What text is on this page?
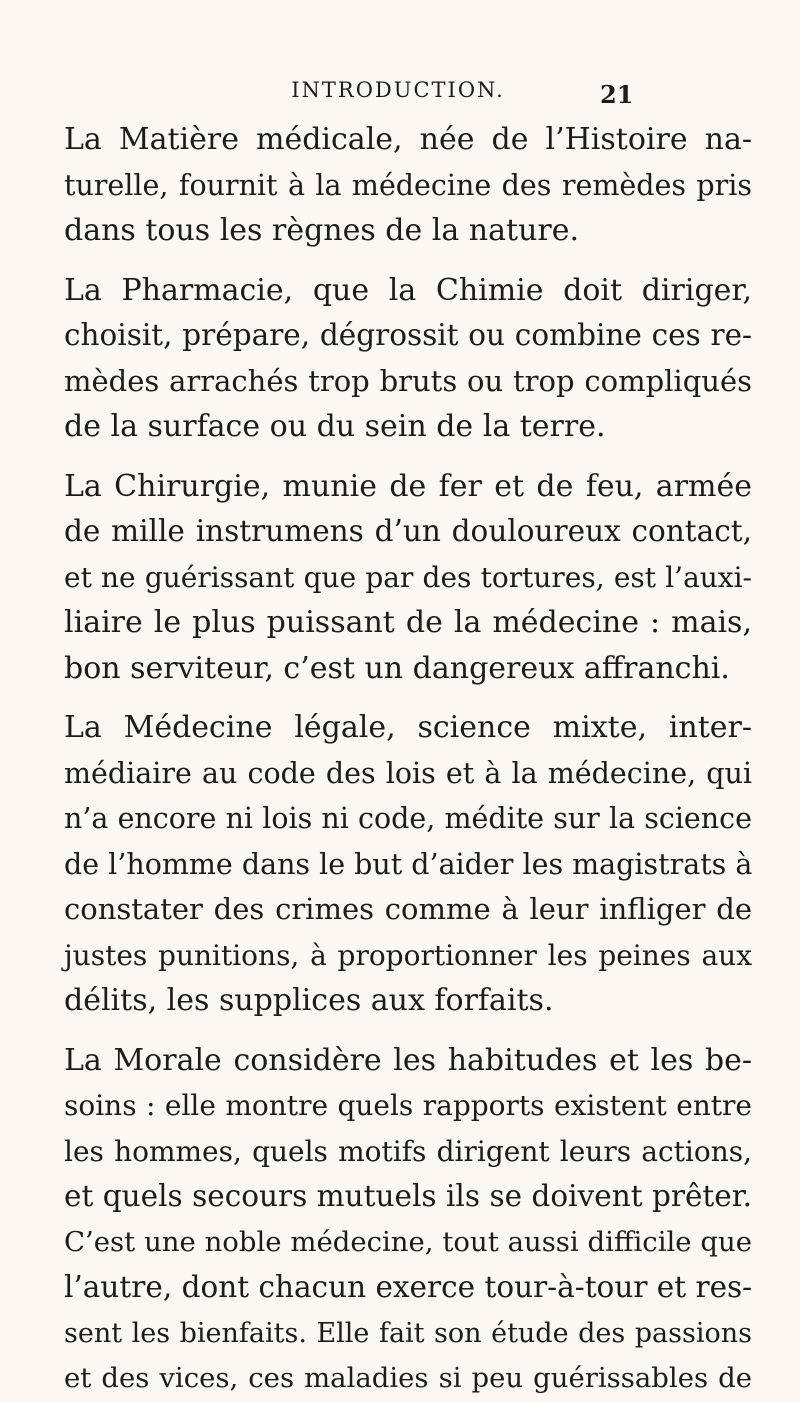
INTRODUCTION.	21
La Matière médicale, née de l’Histoire na-
turelle, fournit à la médecine des remèdes pris
dans tous les règnes de la nature.
La Pharmacie, que la Chimie doit diriger,
choisit, prépare, dégrossit ou combine ces re-
mèdes arrachés trop bruts ou trop compliqués
de la surface ou du sein de la terre.
La Chirurgie, munie de fer et de feu, armée
de mille instrumens d’un douloureux contact,
et ne guérissant que par des tortures, est l’auxi-
liaire le plus puissant de la médecine : mais,
bon serviteur, c’est un dangereux affranchi.
La Médecine légale, science mixte, inter-
médiaire au code des lois et à la médecine, qui
n’a encore ni lois ni code, médite sur la science
de l’homme dans le but d’aider les magistrats à
constater des crimes comme à leur infliger de
justes punitions, à proportionner les peines aux
délits, les supplices aux forfaits.
La Morale considère les habitudes et les be-
soins : elle montre quels rapports existent entre
les hommes, quels motifs dirigent leurs actions,
et quels secours mutuels ils se doivent prêter.
C’est une noble médecine, tout aussi difficile que
l’autre, dont chacun exerce tour-à-tour et res-
sent les bienfaits. Elle fait son étude des passions
et des vices, ces maladies si peu guérissables de
